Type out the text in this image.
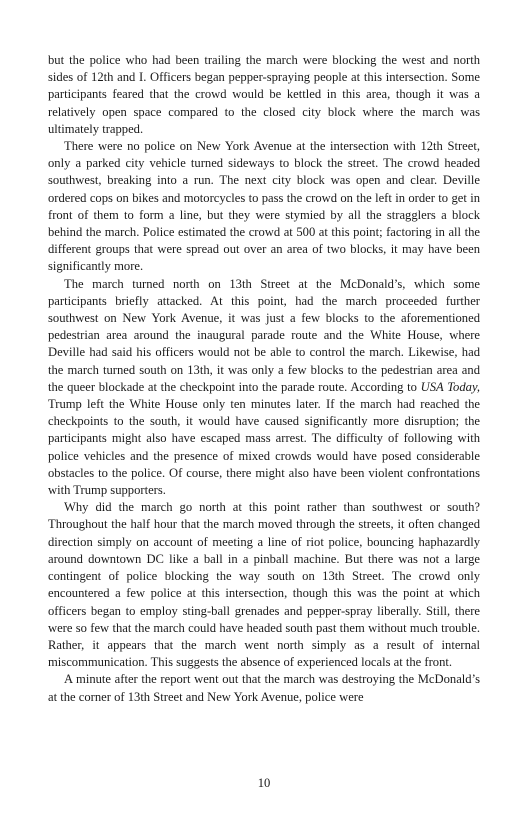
but the police who had been trailing the march were blocking the west and north sides of 12th and I. Officers began pepper-spraying people at this intersection. Some participants feared that the crowd would be kettled in this area, though it was a relatively open space compared to the closed city block where the march was ultimately trapped.

There were no police on New York Avenue at the intersection with 12th Street, only a parked city vehicle turned sideways to block the street. The crowd headed southwest, breaking into a run. The next city block was open and clear. Deville ordered cops on bikes and motorcycles to pass the crowd on the left in order to get in front of them to form a line, but they were stymied by all the stragglers a block behind the march. Police estimated the crowd at 500 at this point; factoring in all the different groups that were spread out over an area of two blocks, it may have been significantly more.

The march turned north on 13th Street at the McDonald’s, which some participants briefly attacked. At this point, had the march proceeded further southwest on New York Avenue, it was just a few blocks to the aforementioned pedestrian area around the inaugural parade route and the White House, where Deville had said his officers would not be able to control the march. Likewise, had the march turned south on 13th, it was only a few blocks to the pedestrian area and the queer blockade at the checkpoint into the parade route. According to USA Today, Trump left the White House only ten minutes later. If the march had reached the checkpoints to the south, it would have caused significantly more disruption; the participants might also have escaped mass arrest. The difficulty of following with police vehicles and the presence of mixed crowds would have posed considerable obstacles to the police. Of course, there might also have been violent confrontations with Trump supporters.

Why did the march go north at this point rather than southwest or south? Throughout the half hour that the march moved through the streets, it often changed direction simply on account of meeting a line of riot police, bouncing haphazardly around downtown DC like a ball in a pinball machine. But there was not a large contingent of police blocking the way south on 13th Street. The crowd only encountered a few police at this intersection, though this was the point at which officers began to employ sting-ball grenades and pepper-spray liberally. Still, there were so few that the march could have headed south past them without much trouble. Rather, it appears that the march went north simply as a result of internal miscommunication. This suggests the absence of experienced locals at the front.

A minute after the report went out that the march was destroying the McDonald’s at the corner of 13th Street and New York Avenue, police were

10
